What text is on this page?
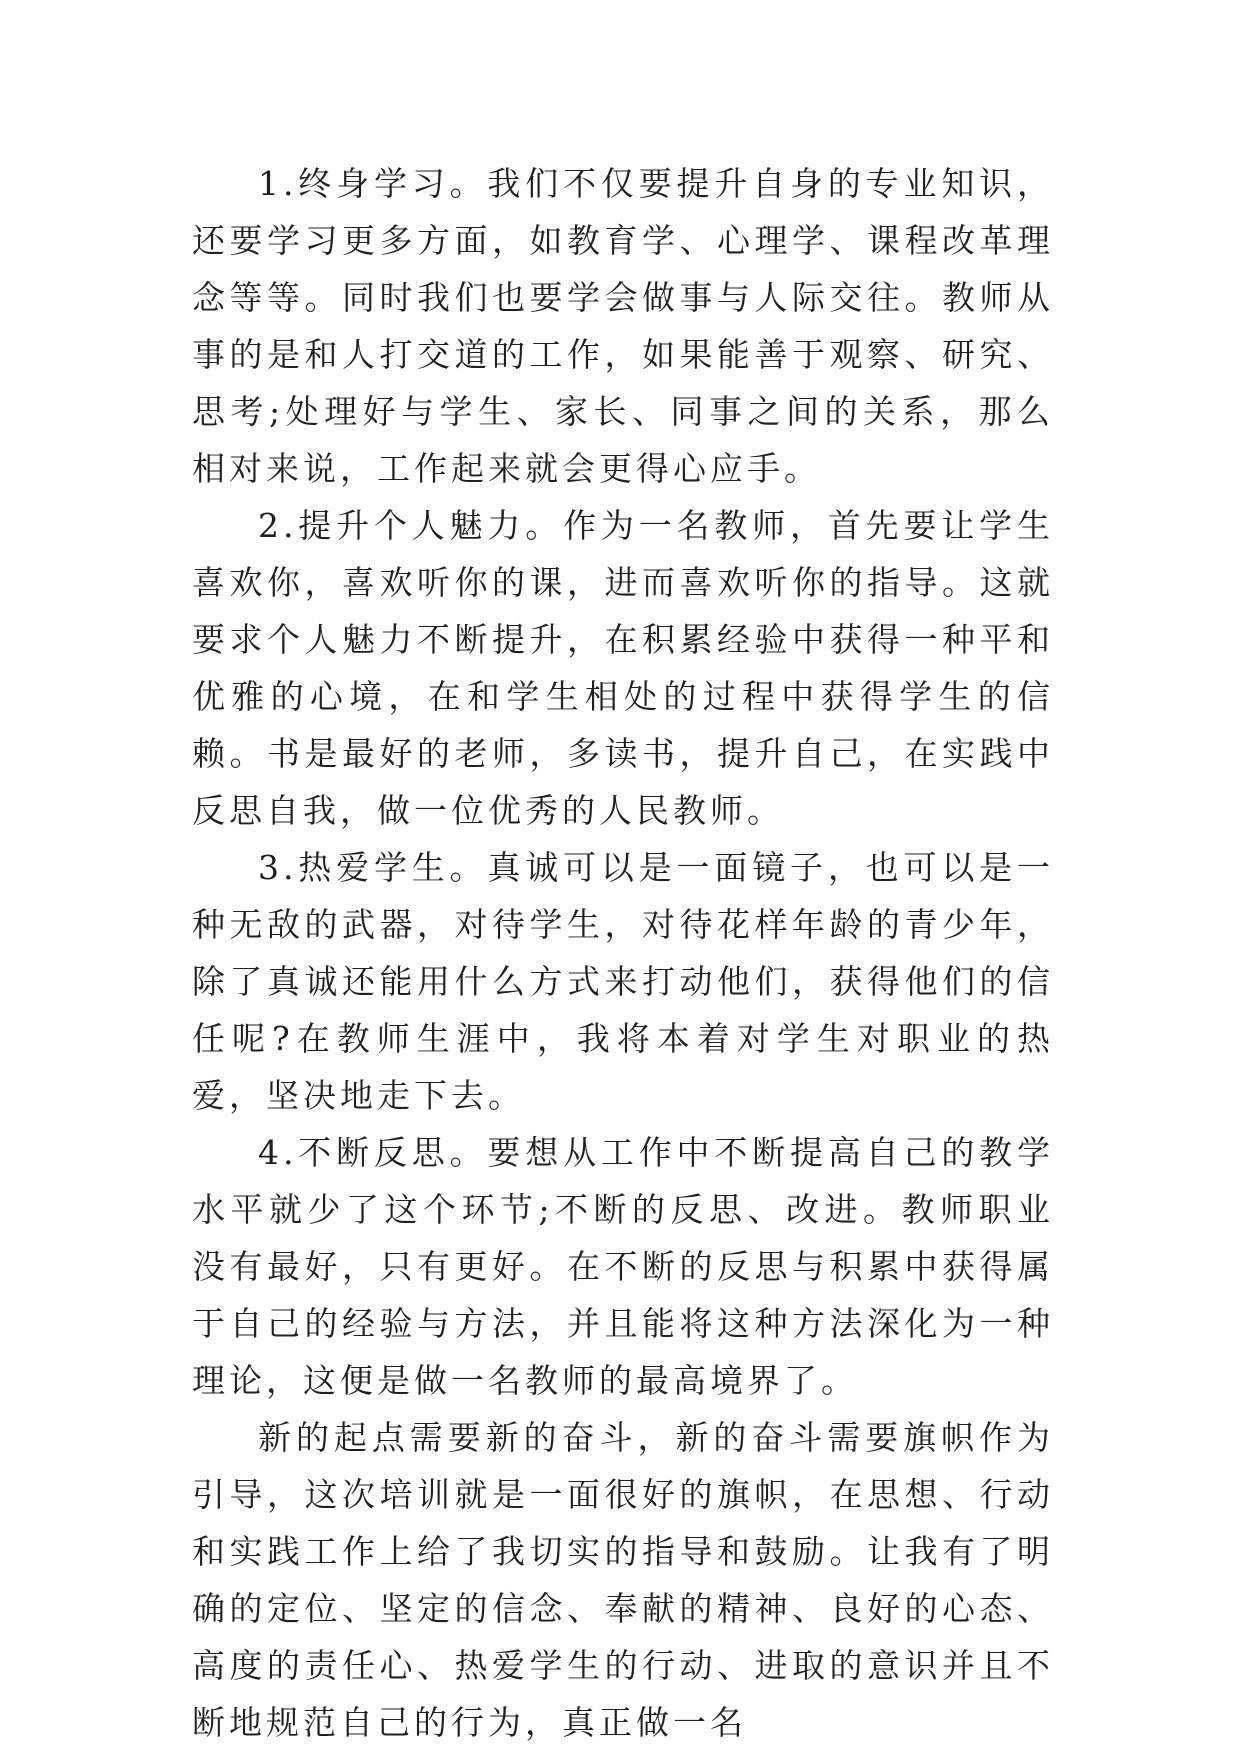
1.终身学习。我们不仅要提升自身的专业知识，还要学习更多方面，如教育学、心理学、课程改革理念等等。同时我们也要学会做事与人际交往。教师从事的是和人打交道的工作，如果能善于观察、研究、思考;处理好与学生、家长、同事之间的关系，那么相对来说，工作起来就会更得心应手。

2.提升个人魅力。作为一名教师，首先要让学生喜欢你，喜欢听你的课，进而喜欢听你的指导。这就要求个人魅力不断提升，在积累经验中获得一种平和优雅的心境，在和学生相处的过程中获得学生的信赖。书是最好的老师，多读书，提升自己，在实践中反思自我，做一位优秀的人民教师。

3.热爱学生。真诚可以是一面镜子，也可以是一种无敌的武器，对待学生，对待花样年龄的青少年，除了真诚还能用什么方式来打动他们，获得他们的信任呢?在教师生涯中，我将本着对学生对职业的热爱，坚决地走下去。

4.不断反思。要想从工作中不断提高自己的教学水平就少了这个环节;不断的反思、改进。教师职业没有最好，只有更好。在不断的反思与积累中获得属于自己的经验与方法，并且能将这种方法深化为一种理论，这便是做一名教师的最高境界了。

新的起点需要新的奋斗，新的奋斗需要旗帜作为引导，这次培训就是一面很好的旗帜，在思想、行动和实践工作上给了我切实的指导和鼓励。让我有了明确的定位、坚定的信念、奉献的精神、良好的心态、高度的责任心、热爱学生的行动、进取的意识并且不断地规范自己的行为，真正做一名
